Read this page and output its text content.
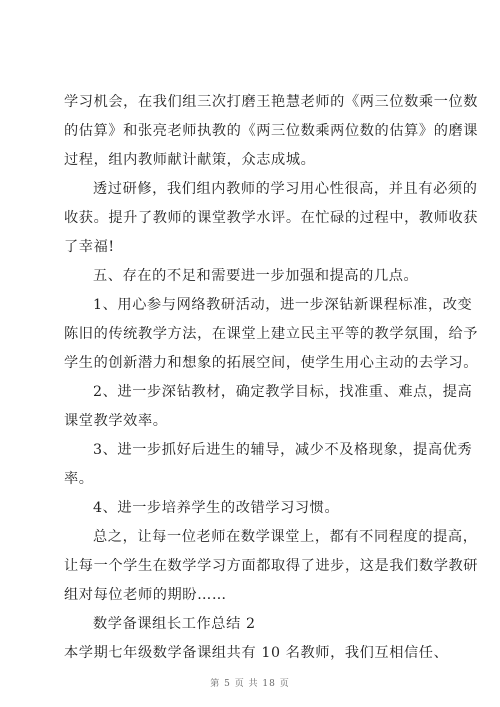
学习机会，在我们组三次打磨王艳慧老师的《两三位数乘一位数
的估算》和张亮老师执教的《两三位数乘两位数的估算》的磨课
过程，组内教师献计献策，众志成城。
透过研修，我们组内教师的学习用心性很高，并且有必须的
收获。提升了教师的课堂教学水评。在忙碌的过程中，教师收获
了幸福!
五、存在的不足和需要进一步加强和提高的几点。
1、用心参与网络教研活动，进一步深钻新课程标准，改变
陈旧的传统教学方法，在课堂上建立民主平等的教学氛围，给予
学生的创新潜力和想象的拓展空间，使学生用心主动的去学习。
2、进一步深钻教材，确定教学目标，找准重、难点，提高
课堂教学效率。
3、进一步抓好后进生的辅导，减少不及格现象，提高优秀
率。
4、进一步培养学生的改错学习习惯。
总之，让每一位老师在数学课堂上，都有不同程度的提高，
让每一个学生在数学学习方面都取得了进步，这是我们数学教研
组对每位老师的期盼……
数学备课组长工作总结 2
本学期七年级数学备课组共有 10 名教师，我们互相信任、
第 5 页 共 18 页
